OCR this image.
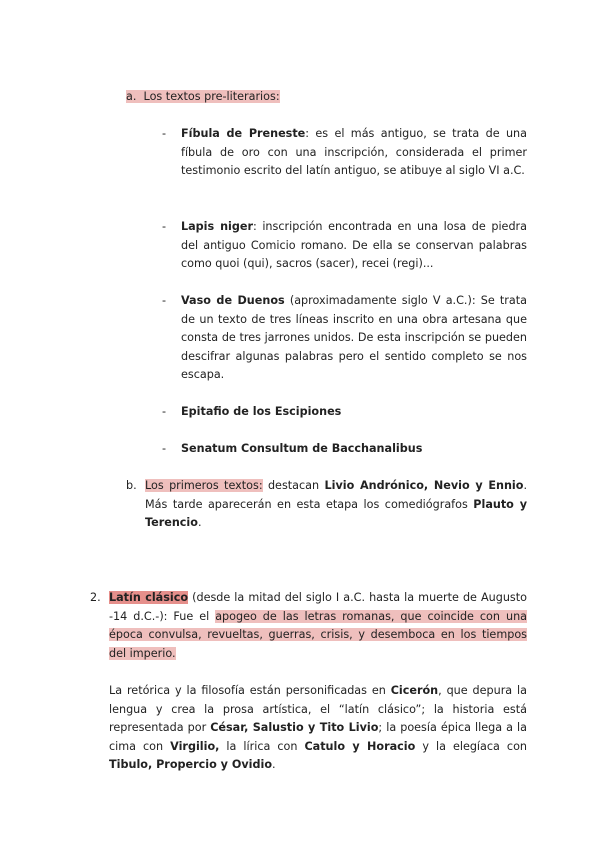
a. Los textos pre-literarios:
- Fíbula de Preneste: es el más antiguo, se trata de una fíbula de oro con una inscripción, considerada el primer testimonio escrito del latín antiguo, se atibuye al siglo VI a.C.
- Lapis niger: inscripción encontrada en una losa de piedra del antiguo Comicio romano. De ella se conservan palabras como quoi (qui), sacros (sacer), recei (regi)...
- Vaso de Duenos (aproximadamente siglo V a.C.): Se trata de un texto de tres líneas inscrito en una obra artesana que consta de tres jarrones unidos. De esta inscripción se pueden descifrar algunas palabras pero el sentido completo se nos escapa.
- Epitafio de los Escipiones
- Senatum Consultum de Bacchanalibus
b. Los primeros textos: destacan Livio Andrónico, Nevio y Ennio. Más tarde aparecerán en esta etapa los comediógrafos Plauto y Terencio.
2. Latín clásico (desde la mitad del siglo I a.C. hasta la muerte de Augusto -14 d.C.-): Fue el apogeo de las letras romanas, que coincide con una época convulsa, revueltas, guerras, crisis, y desemboca en los tiempos del imperio.
La retórica y la filosofía están personificadas en Cicerón, que depura la lengua y crea la prosa artística, el “latín clásico”; la historia está representada por César, Salustio y Tito Livio; la poesía épica llega a la cima con Virgilio, la lírica con Catulo y Horacio y la elegíaca con Tibulo, Propercio y Ovidio.
